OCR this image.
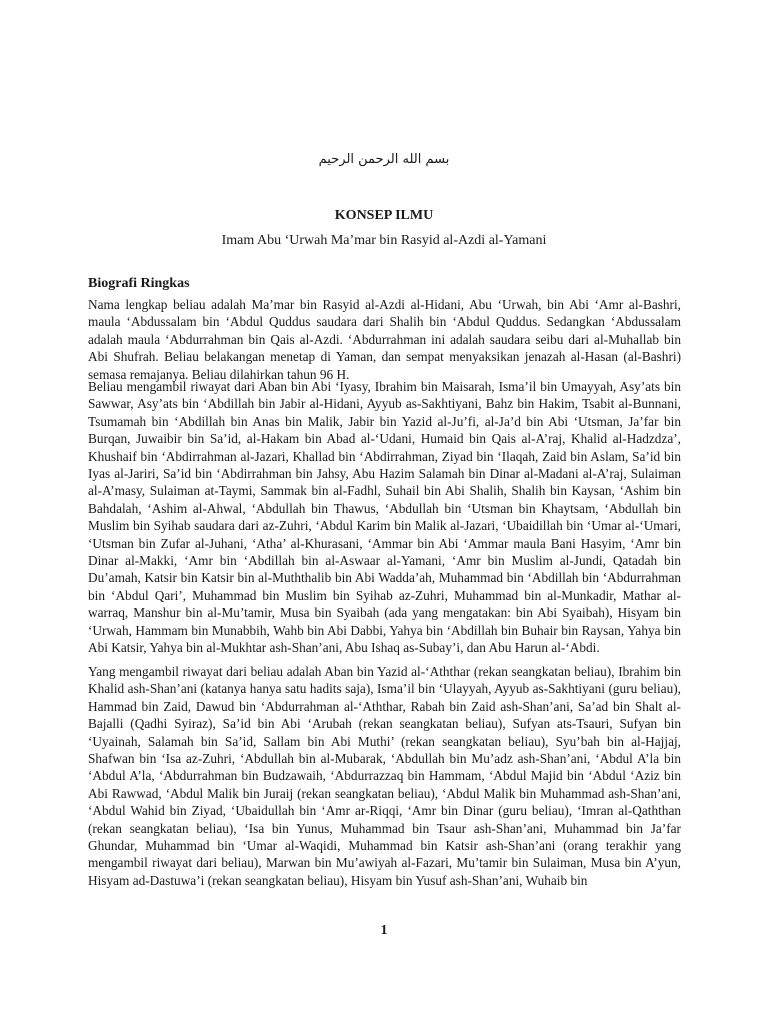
بسم الله الرحمن الرحيم
KONSEP ILMU
Imam Abu ‘Urwah Ma’mar bin Rasyid al-Azdi al-Yamani
Biografi Ringkas

Nama lengkap beliau adalah Ma’mar bin Rasyid al-Azdi al-Hidani, Abu ‘Urwah, bin Abi ‘Amr al-Bashri, maula ‘Abdussalam bin ‘Abdul Quddus saudara dari Shalih bin ‘Abdul Quddus. Sedangkan ‘Abdussalam adalah maula ‘Abdurrahman bin Qais al-Azdi. ‘Abdurrahman ini adalah saudara seibu dari al-Muhallab bin Abi Shufrah. Beliau belakangan menetap di Yaman, dan sempat menyaksikan jenazah al-Hasan (al-Bashri) semasa remajanya. Beliau dilahirkan tahun 96 H.

Beliau mengambil riwayat dari Aban bin Abi ‘Iyasy, Ibrahim bin Maisarah, Isma’il bin Umayyah, Asy’ats bin Sawwar, Asy’ats bin ‘Abdillah bin Jabir al-Hidani, Ayyub as-Sakhtiyani, Bahz bin Hakim, Tsabit al-Bunnani, Tsumamah bin ‘Abdillah bin Anas bin Malik, Jabir bin Yazid al-Ju’fi, al-Ja’d bin Abi ‘Utsman, Ja’far bin Burqan, Juwaibir bin Sa’id, al-Hakam bin Abad al-‘Udani, Humaid bin Qais al-A’raj, Khalid al-Hadzdza’, Khushaif bin ‘Abdirrahman al-Jazari, Khallad bin ‘Abdirrahman, Ziyad bin ‘Ilaqah, Zaid bin Aslam, Sa’id bin Iyas al-Jariri, Sa’id bin ‘Abdirrahman bin Jahsy, Abu Hazim Salamah bin Dinar al-Madani al-A’raj, Sulaiman al-A’masy, Sulaiman at-Taymi, Sammak bin al-Fadhl, Suhail bin Abi Shalih, Shalih bin Kaysan, ‘Ashim bin Bahdalah, ‘Ashim al-Ahwal, ‘Abdullah bin Thawus, ‘Abdullah bin ‘Utsman bin Khaytsam, ‘Abdullah bin Muslim bin Syihab saudara dari az-Zuhri, ‘Abdul Karim bin Malik al-Jazari, ‘Ubaidillah bin ‘Umar al-‘Umari, ‘Utsman bin Zufar al-Juhani, ‘Atha’ al-Khurasani, ‘Ammar bin Abi ‘Ammar maula Bani Hasyim, ‘Amr bin Dinar al-Makki, ‘Amr bin ‘Abdillah bin al-Aswaar al-Yamani, ‘Amr bin Muslim al-Jundi, Qatadah bin Du’amah, Katsir bin Katsir bin al-Muththalib bin Abi Wadda’ah, Muhammad bin ‘Abdillah bin ‘Abdurrahman bin ‘Abdul Qari’, Muhammad bin Muslim bin Syihab az-Zuhri, Muhammad bin al-Munkadir, Mathar al-warraq, Manshur bin al-Mu’tamir, Musa bin Syaibah (ada yang mengatakan: bin Abi Syaibah), Hisyam bin ‘Urwah, Hammam bin Munabbih, Wahb bin Abi Dabbi, Yahya bin ‘Abdillah bin Buhair bin Raysan, Yahya bin Abi Katsir, Yahya bin al-Mukhtar ash-Shan’ani, Abu Ishaq as-Subay’i, dan Abu Harun al-‘Abdi.

Yang mengambil riwayat dari beliau adalah Aban bin Yazid al-‘Aththar (rekan seangkatan beliau), Ibrahim bin Khalid ash-Shan’ani (katanya hanya satu hadits saja), Isma’il bin ‘Ulayyah, Ayyub as-Sakhtiyani (guru beliau), Hammad bin Zaid, Dawud bin ‘Abdurrahman al-‘Aththar, Rabah bin Zaid ash-Shan’ani, Sa’ad bin Shalt al-Bajalli (Qadhi Syiraz), Sa’id bin Abi ‘Arubah (rekan seangkatan beliau), Sufyan ats-Tsauri, Sufyan bin ‘Uyainah, Salamah bin Sa’id, Sallam bin Abi Muthi’ (rekan seangkatan beliau), Syu’bah bin al-Hajjaj, Shafwan bin ‘Isa az-Zuhri, ‘Abdullah bin al-Mubarak, ‘Abdullah bin Mu’adz ash-Shan’ani, ‘Abdul A’la bin ‘Abdul A’la, ‘Abdurrahman bin Budzawaih, ‘Abdurrazzaq bin Hammam, ‘Abdul Majid bin ‘Abdul ‘Aziz bin Abi Rawwad, ‘Abdul Malik bin Juraij (rekan seangkatan beliau), ‘Abdul Malik bin Muhammad ash-Shan’ani, ‘Abdul Wahid bin Ziyad, ‘Ubaidullah bin ‘Amr ar-Riqqi, ‘Amr bin Dinar (guru beliau), ‘Imran al-Qaththan (rekan seangkatan beliau), ‘Isa bin Yunus, Muhammad bin Tsaur ash-Shan’ani, Muhammad bin Ja’far Ghundar, Muhammad bin ‘Umar al-Waqidi, Muhammad bin Katsir ash-Shan’ani (orang terakhir yang mengambil riwayat dari beliau), Marwan bin Mu’awiyah al-Fazari, Mu’tamir bin Sulaiman, Musa bin A’yun, Hisyam ad-Dastuwa’i (rekan seangkatan beliau), Hisyam bin Yusuf ash-Shan’ani, Wuhaib bin

1
